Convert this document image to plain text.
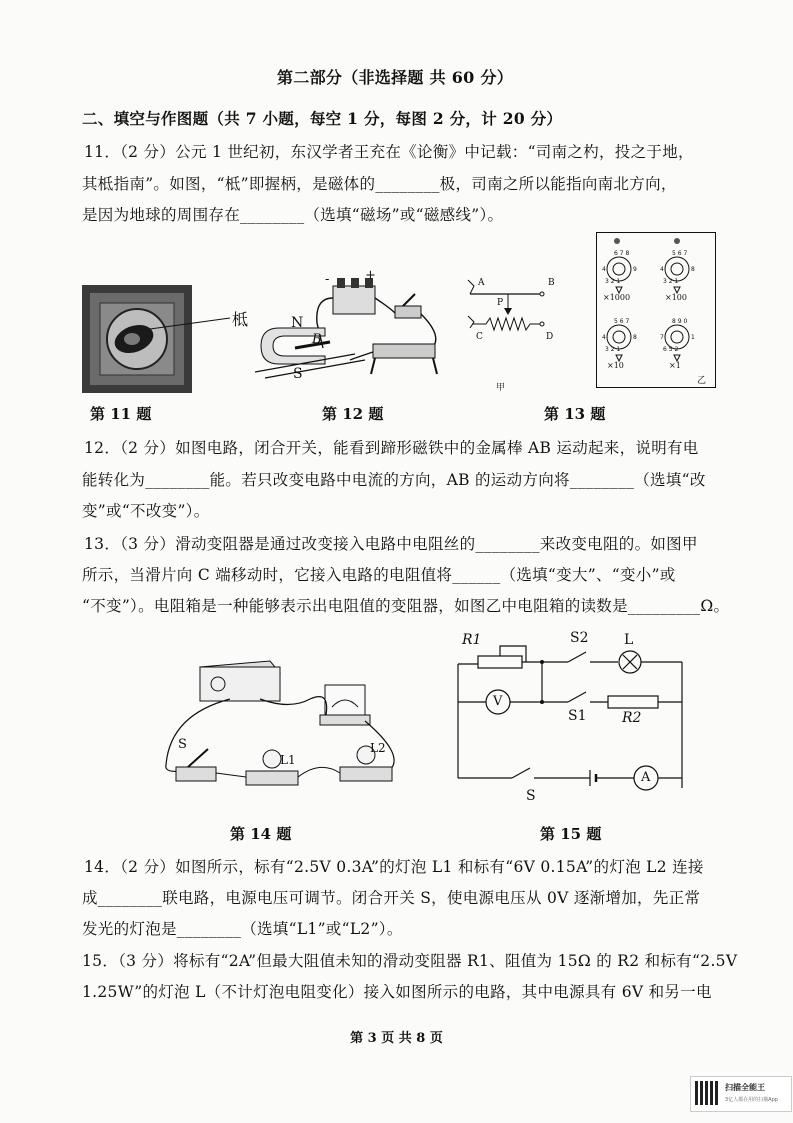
第二部分（非选择题 共 60 分）
二、填空与作图题（共 7 小题，每空 1 分，每图 2 分，计 20 分）
11．（2 分）公元 1 世纪初，东汉学者王充在《论衡》中记载：“司南之杓，投之于地，
其柢指南”。如图，“柢”即握柄，是磁体的________极，司南之所以能指向南北方向，
是因为地球的周围存在________（选填“磁场”或“磁感线”）。
柢
第 11 题
N
S
B
-	+
第 12 题
A	B
P
C	D
甲
6 7 8
4	9
3 2 1
5 6 7
4	8
3 2 1
5 6 7
4	8
3 2 1
8 9 0
7	1
6 5 2
×1000	×100
×10	×1
乙
第 13 题
12．（2 分）如图电路，闭合开关，能看到蹄形磁铁中的金属棒 AB 运动起来，说明有电
能转化为________能。若只改变电路中电流的方向，AB 的运动方向将________（选填“改
变”或“不改变”）。
13．（3 分）滑动变阻器是通过改变接入电路中电阻丝的________来改变电阻的。如图甲
所示，当滑片向 C 端移动时，它接入电路的电阻值将______（选填“变大”、“变小”或
“不变”）。电阻箱是一种能够表示出电阻值的变阻器，如图乙中电阻箱的读数是_________Ω。
S
L1
L2
第 14 题
R1	S2	L
V
S1	R2
S
A
第 15 题
14．（2 分）如图所示，标有“2.5V 0.3A”的灯泡 L1 和标有“6V 0.15A”的灯泡 L2 连接
成________联电路，电源电压可调节。闭合开关 S，使电源电压从 0V 逐渐增加，先正常
发光的灯泡是________（选填“L1”或“L2”）。
15．（3 分）将标有“2A”但最大阻值未知的滑动变阻器 R1、阻值为 15Ω 的 R2 和标有“2.5V
1.25W”的灯泡 L（不计灯泡电阻变化）接入如图所示的电路，其中电源具有 6V 和另一电
第 3 页 共 8 页
扫描全能王
3亿人都在用的扫描App
